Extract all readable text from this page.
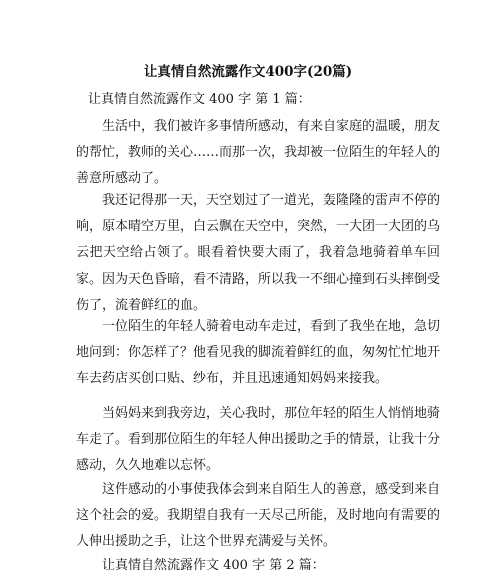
让真情自然流露作文400字(20篇)
让真情自然流露作文 400 字 第 1 篇：

生活中，我们被许多事情所感动，有来自家庭的温暖，朋友的帮忙，教师的关心……而那一次，我却被一位陌生的年轻人的善意所感动了。

我还记得那一天，天空划过了一道光，轰隆隆的雷声不停的响，原本晴空万里，白云飘在天空中，突然，一大团一大团的乌云把天空给占领了。眼看着快要大雨了，我着急地骑着单车回家。因为天色昏暗，看不清路，所以我一不细心撞到石头摔倒受伤了，流着鲜红的血。

一位陌生的年轻人骑着电动车走过，看到了我坐在地，急切地问到：你怎样了？他看见我的脚流着鲜红的血，匆匆忙忙地开车去药店买创口贴、纱布，并且迅速通知妈妈来接我。

当妈妈来到我旁边，关心我时，那位年轻的陌生人悄悄地骑车走了。看到那位陌生的年轻人伸出援助之手的情景，让我十分感动，久久地难以忘怀。

这件感动的小事使我体会到来自陌生人的善意，感受到来自这个社会的爱。我期望自我有一天尽己所能，及时地向有需要的人伸出援助之手，让这个世界充满爱与关怀。

让真情自然流露作文 400 字 第 2 篇：
